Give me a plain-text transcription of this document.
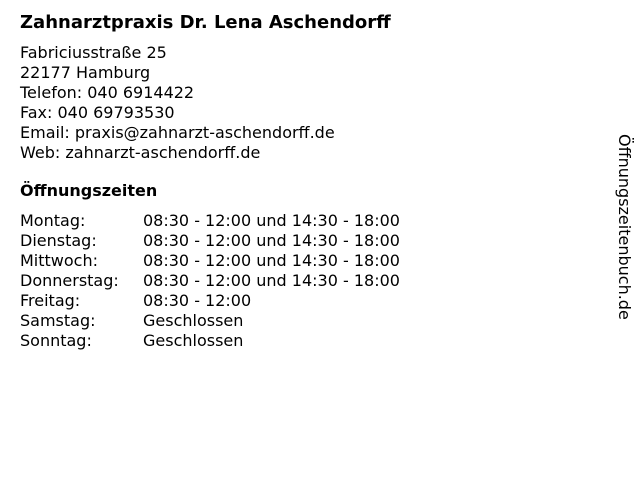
Zahnarztpraxis Dr. Lena Aschendorff
Fabriciusstraße 25
22177 Hamburg
Telefon: 040 6914422
Fax: 040 69793530
Email: praxis@zahnarzt-aschendorff.de
Web: zahnarzt-aschendorff.de
Öffnungszeiten
Montag:	08:30 - 12:00 und 14:30 - 18:00
Dienstag:	08:30 - 12:00 und 14:30 - 18:00
Mittwoch:	08:30 - 12:00 und 14:30 - 18:00
Donnerstag:	08:30 - 12:00 und 14:30 - 18:00
Freitag:	08:30 - 12:00
Samstag:	Geschlossen
Sonntag:	Geschlossen
Öffnungszeitenbuch.de
